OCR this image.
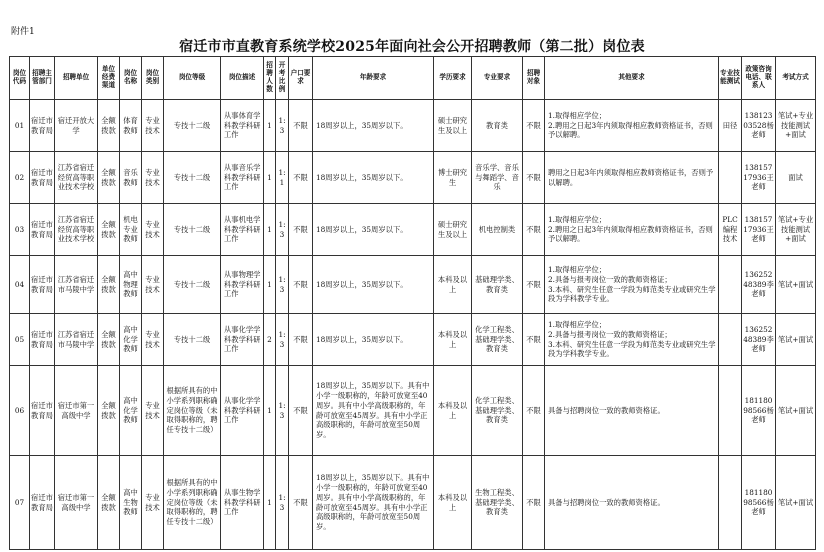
附件1
宿迁市市直教育系统学校2025年面向社会公开招聘教师（第二批）岗位表
岗位代码	招聘主管部门	招聘单位	单位经费渠道	岗位名称	岗位类别	岗位等级	岗位描述	招聘人数	开考比例	户口要求	年龄要求	学历要求	专业要求	招聘对象	其他要求	专业技能测试	政策咨询电话、联系人	考试方式
01	宿迁市教育局	宿迁开放大学	全额拨款	体育教师	专业技术	专技十二级	从事体育学科教学科研工作	1	1:3	不限	18周岁以上，35周岁以下。	硕士研究生及以上	教育类	不限	1.取得相应学位；
2.聘用之日起3年内须取得相应教师资格证书，否则予以解聘。	田径	13812303528杨老师	笔试+专业技能测试+面试
02	宿迁市教育局	江苏省宿迁经贸高等职业技术学校	全额拨款	音乐教师	专业技术	专技十二级	从事音乐学科教学科研工作	1	1:1	不限	18周岁以上，35周岁以下。	博士研究生	音乐学、音乐与舞蹈学、音乐	不限	聘用之日起3年内须取得相应教师资格证书，否则予以解聘。		13815717936王老师	面试
03	宿迁市教育局	江苏省宿迁经贸高等职业技术学校	全额拨款	机电专业教师	专业技术	专技十二级	从事机电学科教学科研工作	1	1:3	不限	18周岁以上，35周岁以下。	硕士研究生及以上	机电控制类	不限	1.取得相应学位；
2.聘用之日起3年内须取得相应教师资格证书，否则予以解聘。	PLC编程技术	13815717936王老师	笔试+专业技能测试+面试
04	宿迁市教育局	江苏省宿迁市马陵中学	全额拨款	高中物理教师	专业技术	专技十二级	从事物理学科教学科研工作	1	1:3	不限	18周岁以上，35周岁以下。	本科及以上	基础理学类、教育类	不限	1.取得相应学位；
2.具备与报考岗位一致的教师资格证；
3.本科、研究生任意一学段为师范类专业或研究生学段为学科教学专业。		13625248389李老师	笔试+面试
05	宿迁市教育局	江苏省宿迁市马陵中学	全额拨款	高中化学教师	专业技术	专技十二级	从事化学学科教学科研工作	2	1:3	不限	18周岁以上，35周岁以下。	本科及以上	化学工程类、基础理学类、教育类	不限	1.取得相应学位；
2.具备与报考岗位一致的教师资格证；
3.本科、研究生任意一学段为师范类专业或研究生学段为学科教学专业。		13625248389李老师	笔试+面试
06	宿迁市教育局	宿迁市第一高级中学	全额拨款	高中化学教师	专业技术	根据所具有的中小学系列职称确定岗位等级（未取得职称的，聘任专技十二级）	从事化学学科教学科研工作	1	1:3	不限	18周岁以上，35周岁以下。具有中小学一级职称的，年龄可放宽至40周岁。具有中小学高级职称的，年龄可放宽至45周岁。具有中小学正高级职称的，年龄可放宽至50周岁。	本科及以上	化学工程类、基础理学类、教育类	不限	具备与招聘岗位一致的教师资格证。		18118098566杨老师	笔试+面试
07	宿迁市教育局	宿迁市第一高级中学	全额拨款	高中生物教师	专业技术	根据所具有的中小学系列职称确定岗位等级（未取得职称的，聘任专技十二级）	从事生物学科教学科研工作	1	1:3	不限	18周岁以上，35周岁以下。具有中小学一级职称的，年龄可放宽至40周岁。具有中小学高级职称的，年龄可放宽至45周岁。具有中小学正高级职称的，年龄可放宽至50周岁。	本科及以上	生物工程类、基础理学类、教育类	不限	具备与招聘岗位一致的教师资格证。		18118098566杨老师	笔试+面试
